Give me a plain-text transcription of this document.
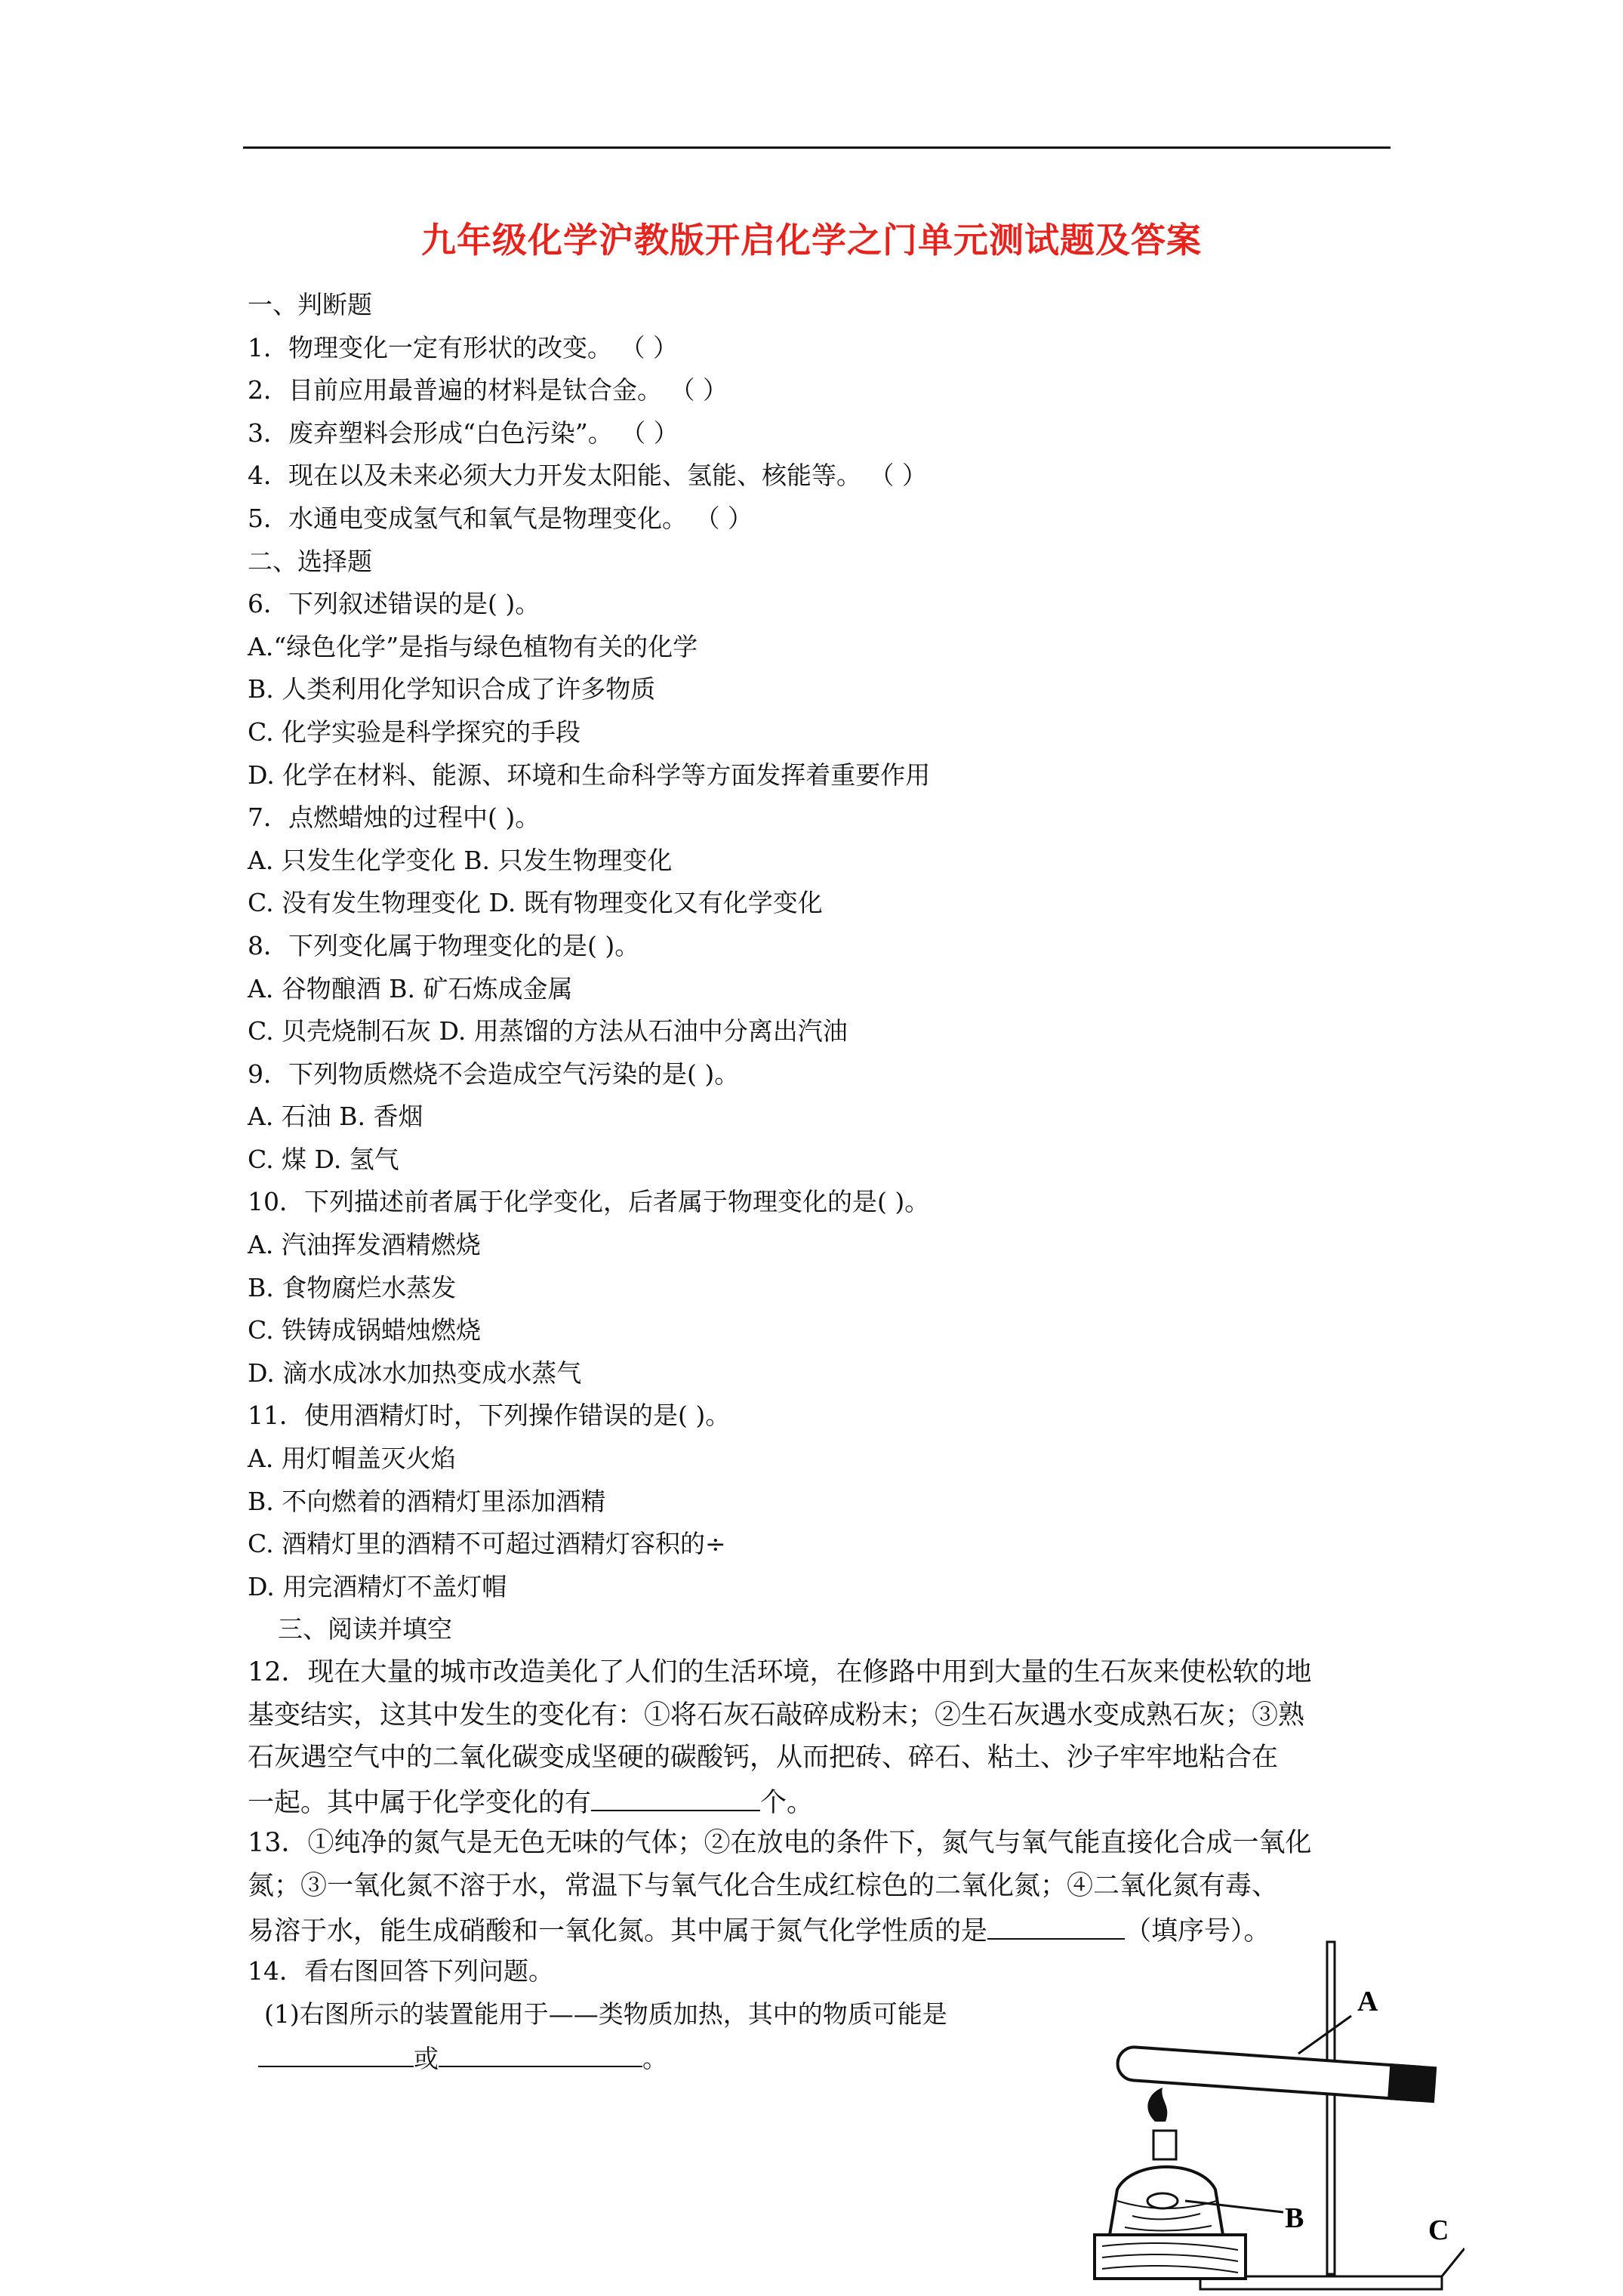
九年级化学沪教版开启化学之门单元测试题及答案
一、判断题
1．物理变化一定有形状的改变。 （ ）
2．目前应用最普遍的材料是钛合金。 （ ）
3．废弃塑料会形成“白色污染”。 （ ）
4．现在以及未来必须大力开发太阳能、氢能、核能等。 （ ）
5．水通电变成氢气和氧气是物理变化。 （ ）
二、选择题
6．下列叙述错误的是( )。
A.“绿色化学”是指与绿色植物有关的化学
B. 人类利用化学知识合成了许多物质
C. 化学实验是科学探究的手段
D. 化学在材料、能源、环境和生命科学等方面发挥着重要作用
7．点燃蜡烛的过程中( )。
A. 只发生化学变化 B. 只发生物理变化
C. 没有发生物理变化 D. 既有物理变化又有化学变化
8．下列变化属于物理变化的是( )。
A. 谷物酿酒 B. 矿石炼成金属
C. 贝壳烧制石灰 D. 用蒸馏的方法从石油中分离出汽油
9．下列物质燃烧不会造成空气污染的是( )。
A. 石油 B. 香烟
C. 煤 D. 氢气
10．下列描述前者属于化学变化，后者属于物理变化的是( )。
A. 汽油挥发酒精燃烧
B. 食物腐烂水蒸发
C. 铁铸成锅蜡烛燃烧
D. 滴水成冰水加热变成水蒸气
11．使用酒精灯时，下列操作错误的是( )。
A. 用灯帽盖灭火焰
B. 不向燃着的酒精灯里添加酒精
C. 酒精灯里的酒精不可超过酒精灯容积的÷
D. 用完酒精灯不盖灯帽
三、阅读并填空
12．现在大量的城市改造美化了人们的生活环境，在修路中用到大量的生石灰来使松软的地
基变结实，这其中发生的变化有：①将石灰石敲碎成粉末；②生石灰遇水变成熟石灰；③熟
石灰遇空气中的二氧化碳变成坚硬的碳酸钙，从而把砖、碎石、粘土、沙子牢牢地粘合在
一起。其中属于化学变化的有	个。
13．①纯净的氮气是无色无味的气体；②在放电的条件下，氮气与氧气能直接化合成一氧化
氮；③一氧化氮不溶于水，常温下与氧气化合生成红棕色的二氧化氮；④二氧化氮有毒、
易溶于水，能生成硝酸和一氧化氮。其中属于氮气化学性质的是	（填序号）。
14．看右图回答下列问题。
(1)右图所示的装置能用于——类物质加热，其中的物质可能是
或	。
A
B	C
